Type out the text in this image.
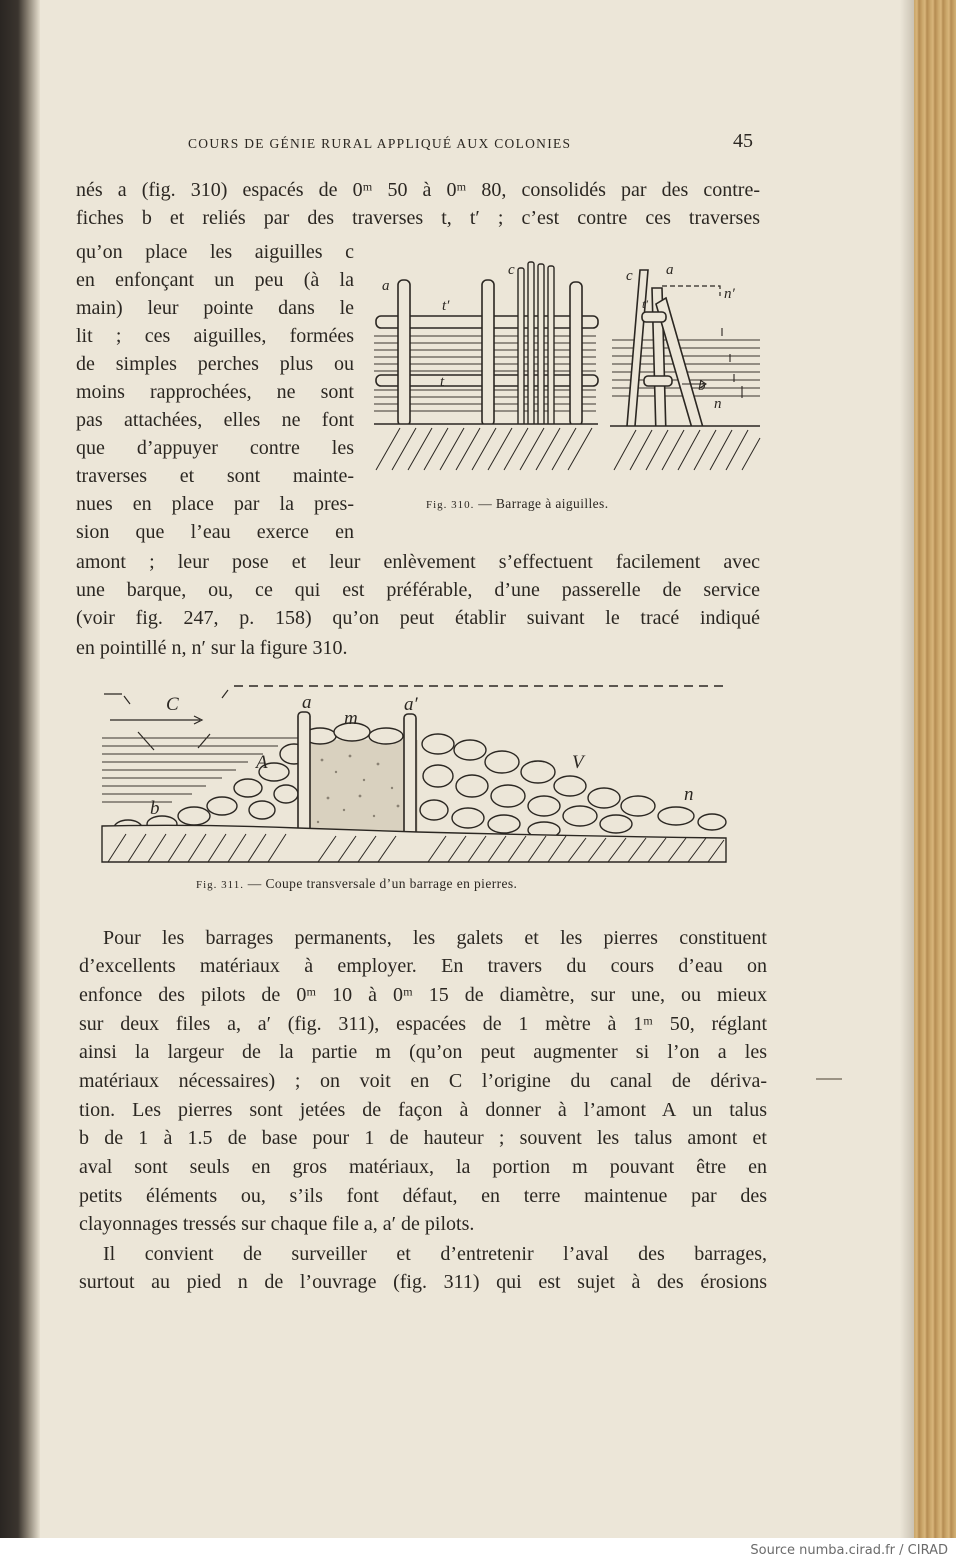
COURS DE GÉNIE RURAL APPLIQUÉ AUX COLONIES	45
nés a (fig. 310) espacés de 0ᵐ 50 à 0ᵐ 80, consolidés par des contre-
fiches b et reliés par des traverses t, t′ ; c’est contre ces traverses
qu’on place les aiguilles c
en enfonçant un peu (à la
main) leur pointe dans le
lit ; ces aiguilles, formées
de simples perches plus ou
moins rapprochées, ne sont
pas attachées, elles ne font
que d’appuyer contre les
traverses et sont mainte-
nues en place par la pres-
sion que l’eau exerce en
amont ; leur pose et leur enlèvement s’effectuent facilement avec
une barque, ou, ce qui est préférable, d’une passerelle de service
(voir fig. 247, p. 158) qu’on peut établir suivant le tracé indiqué
en pointillé n, n′ sur la figure 310.
a
t′
t
c	c a
n′
t′
b
n
Fig. 310. — Barrage à aiguilles.
C	a
m
a′
A	V
n
b
Fig. 311. — Coupe transversale d’un barrage en pierres.
Pour les barrages permanents, les galets et les pierres constituent
d’excellents matériaux à employer. En travers du cours d’eau on
enfonce des pilots de 0ᵐ 10 à 0ᵐ 15 de diamètre, sur une, ou mieux
sur deux files a, a′ (fig. 311), espacées de 1 mètre à 1ᵐ 50, réglant
ainsi la largeur de la partie m (qu’on peut augmenter si l’on a les
matériaux nécessaires) ; on voit en C l’origine du canal de dériva-
tion. Les pierres sont jetées de façon à donner à l’amont A un talus
b de 1 à 1.5 de base pour 1 de hauteur ; souvent les talus amont et
aval sont seuls en gros matériaux, la portion m pouvant être en
petits éléments ou, s’ils font défaut, en terre maintenue par des
clayonnages tressés sur chaque file a, a′ de pilots.
Il convient de surveiller et d’entretenir l’aval des barrages,
surtout au pied n de l’ouvrage (fig. 311) qui est sujet à des érosions
Source numba.cirad.fr / CIRAD
